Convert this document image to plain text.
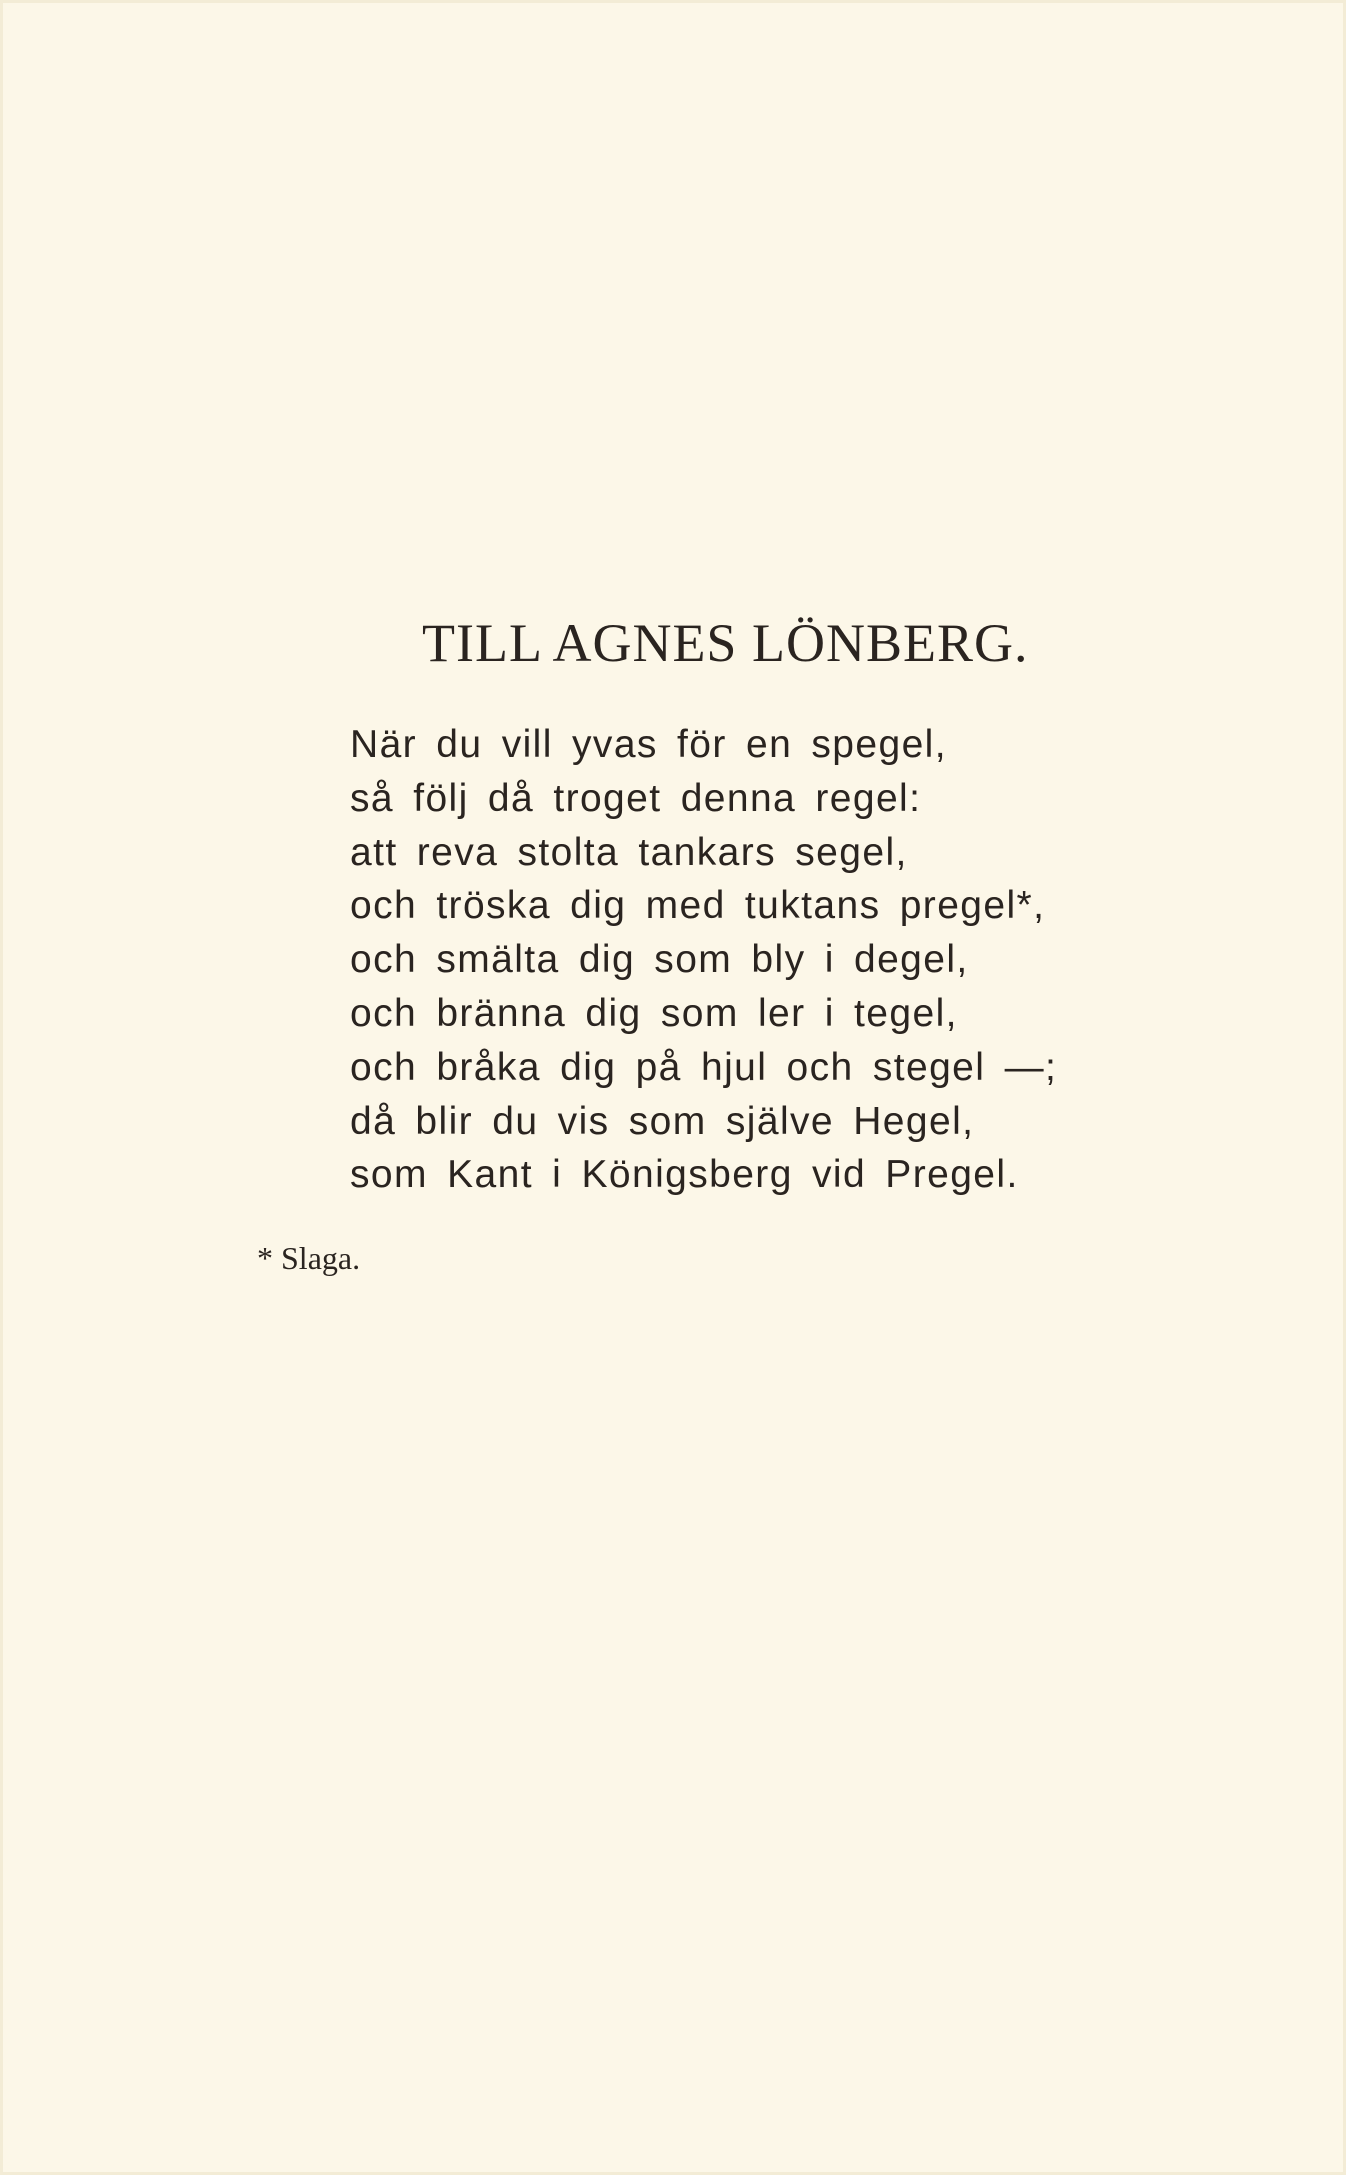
TILL AGNES LÖNBERG.
När du vill yvas för en spegel,
så följ då troget denna regel:
att reva stolta tankars segel,
och tröska dig med tuktans pregel*,
och smälta dig som bly i degel,
och bränna dig som ler i tegel,
och bråka dig på hjul och stegel —;
då blir du vis som själve Hegel,
som Kant i Königsberg vid Pregel.
* Slaga.
